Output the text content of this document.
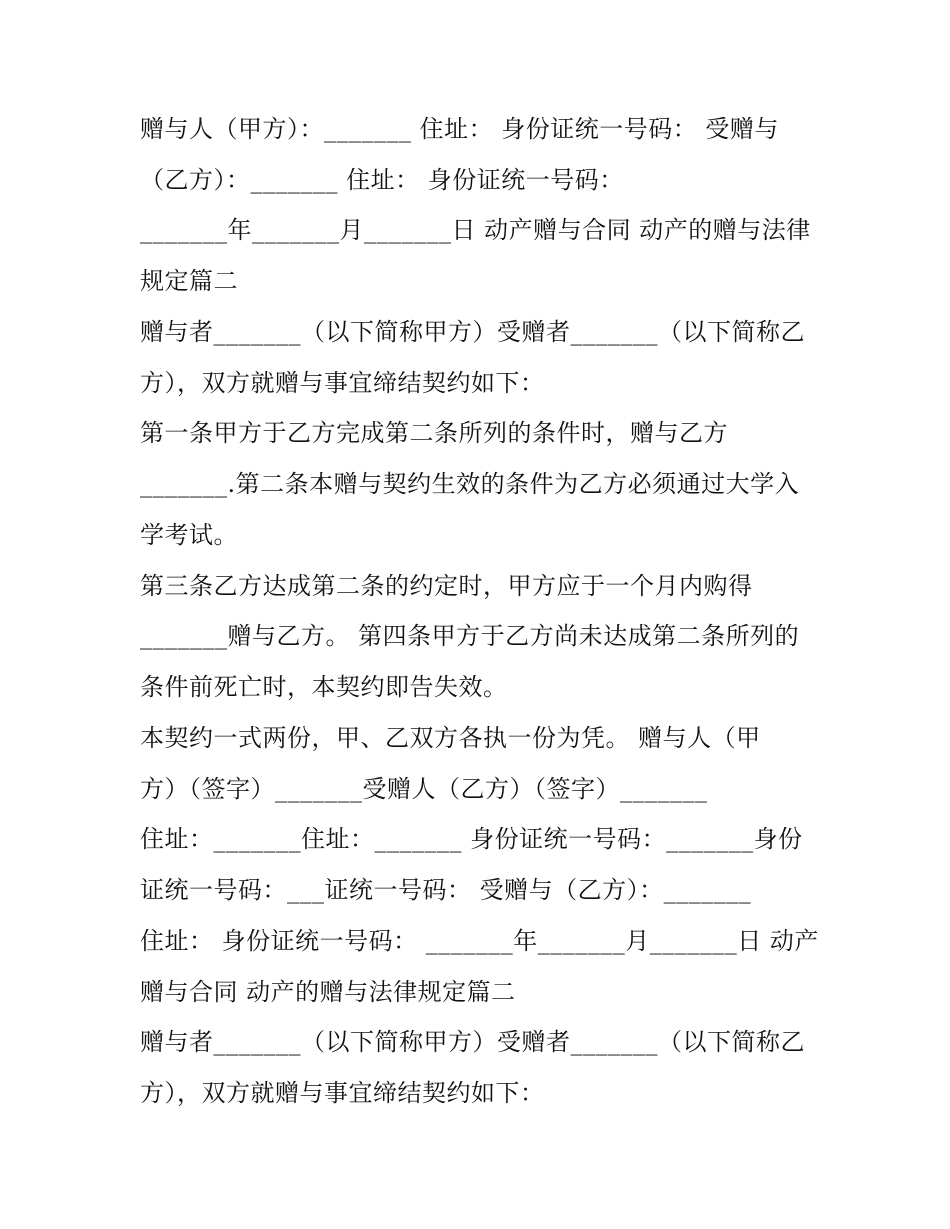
赠与人（甲方）：_______ 住址： 身份证统一号码： 受赠与
（乙方）：_______ 住址： 身份证统一号码：
_______年_______月_______日 动产赠与合同 动产的赠与法律
规定篇二
赠与者_______（以下简称甲方）受赠者_______（以下简称乙
方），双方就赠与事宜缔结契约如下：
第一条甲方于乙方完成第二条所列的条件时，赠与乙方
_______.第二条本赠与契约生效的条件为乙方必须通过大学入
学考试。
第三条乙方达成第二条的约定时，甲方应于一个月内购得
_______赠与乙方。 第四条甲方于乙方尚未达成第二条所列的
条件前死亡时，本契约即告失效。
本契约一式两份，甲、乙双方各执一份为凭。 赠与人（甲
方）（签字）_______受赠人（乙方）（签字）_______
住址：_______住址：_______ 身份证统一号码：_______身份
证统一号码：___证统一号码： 受赠与（乙方）：_______
住址： 身份证统一号码： _______年_______月_______日 动产
赠与合同 动产的赠与法律规定篇二
赠与者_______（以下简称甲方）受赠者_______（以下简称乙
方），双方就赠与事宜缔结契约如下：
